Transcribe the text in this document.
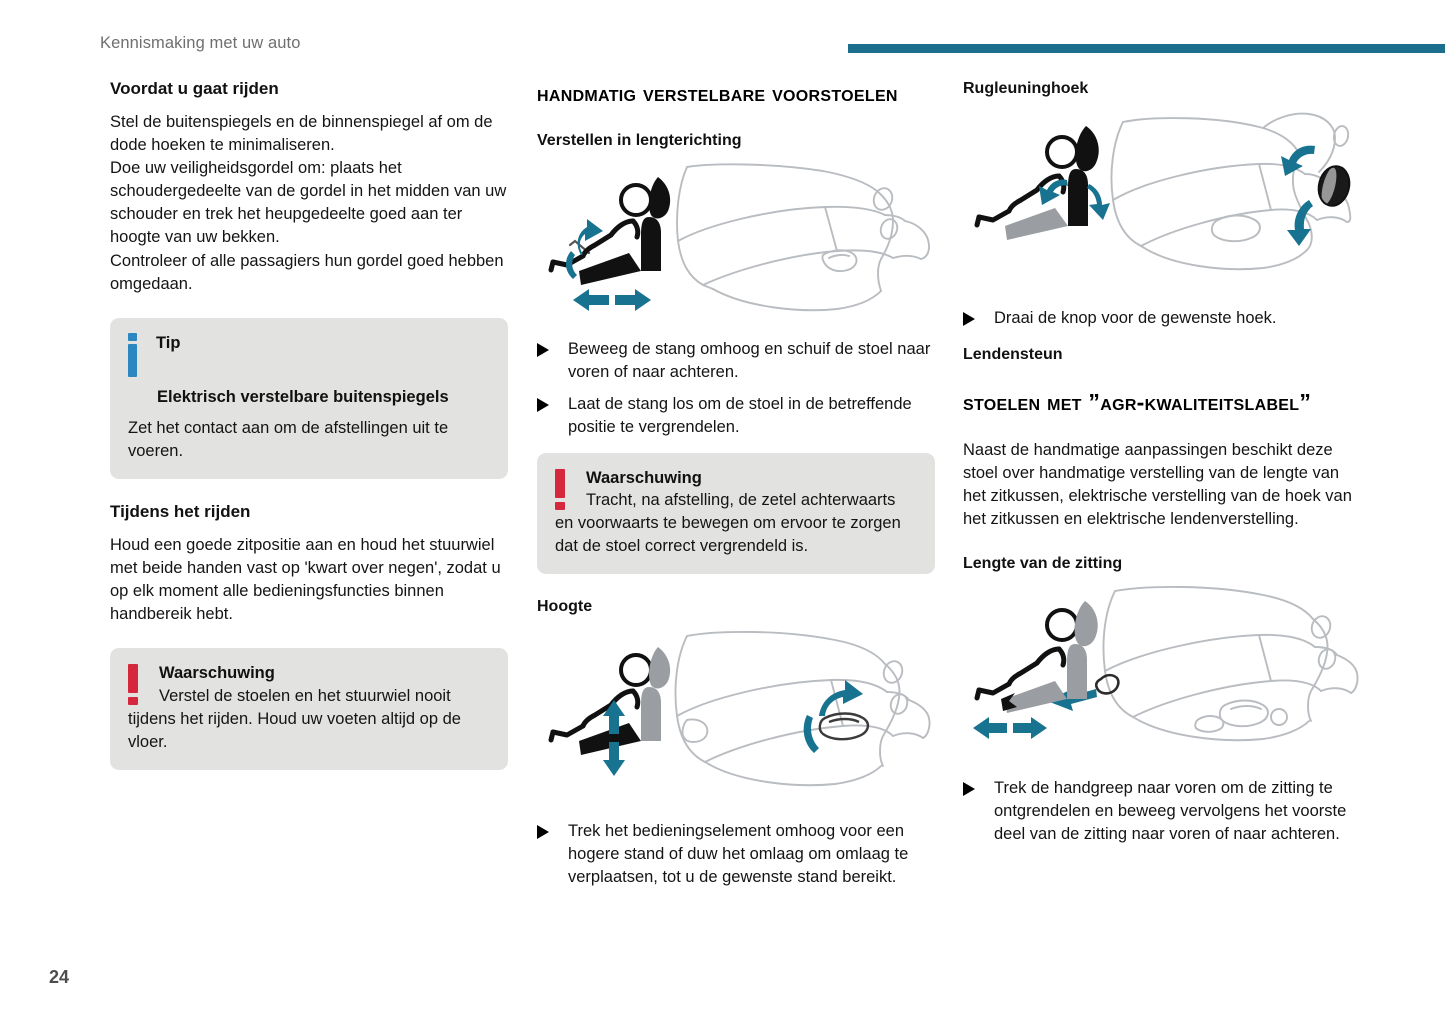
Kennismaking met uw auto
Voordat u gaat rijden

Stel de buitenspiegels en de binnenspiegel af om de dode hoeken te minimaliseren.

Doe uw veiligheidsgordel om: plaats het schoudergedeelte van de gordel in het midden van uw schouder en trek het heupgedeelte goed aan ter hoogte van uw bekken.

Controleer of alle passagiers hun gordel goed hebben omgedaan.

Tip
Elektrisch verstelbare buitenspiegels

Zet het contact aan om de afstellingen uit te voeren.

Tijdens het rijden

Houd een goede zitpositie aan en houd het stuurwiel met beide handen vast op 'kwart over negen', zodat u op elk moment alle bedieningsfuncties binnen handbereik hebt.

Waarschuwing

Verstel de stoelen en het stuurwiel nooit

tijdens het rijden. Houd uw voeten altijd op de vloer.

handmatig verstelbare voorstoelen
Verstellen in lengterichting
Beweeg de stang omhoog en schuif de stoel naar voren of naar achteren.
Laat de stang los om de stoel in de betreffende positie te vergrendelen.
Waarschuwing

Tracht, na afstelling, de zetel achterwaarts

en voorwaarts te bewegen om ervoor te zorgen dat de stoel correct vergrendeld is.

Hoogte
Trek het bedieningselement omhoog voor een hogere stand of duw het omlaag om omlaag te verplaatsen, tot u de gewenste stand bereikt.
Rugleuninghoek
Draai de knop voor de gewenste hoek.
Lendensteun
stoelen met ”agr-kwaliteitslabel”

Naast de handmatige aanpassingen beschikt deze stoel over handmatige verstelling van de lengte van het zitkussen, elektrische verstelling van de hoek van het zitkussen en elektrische lendenverstelling.

Lengte van de zitting
Trek de handgreep naar voren om de zitting te ontgrendelen en beweeg vervolgens het voorste deel van de zitting naar voren of naar achteren.
24
